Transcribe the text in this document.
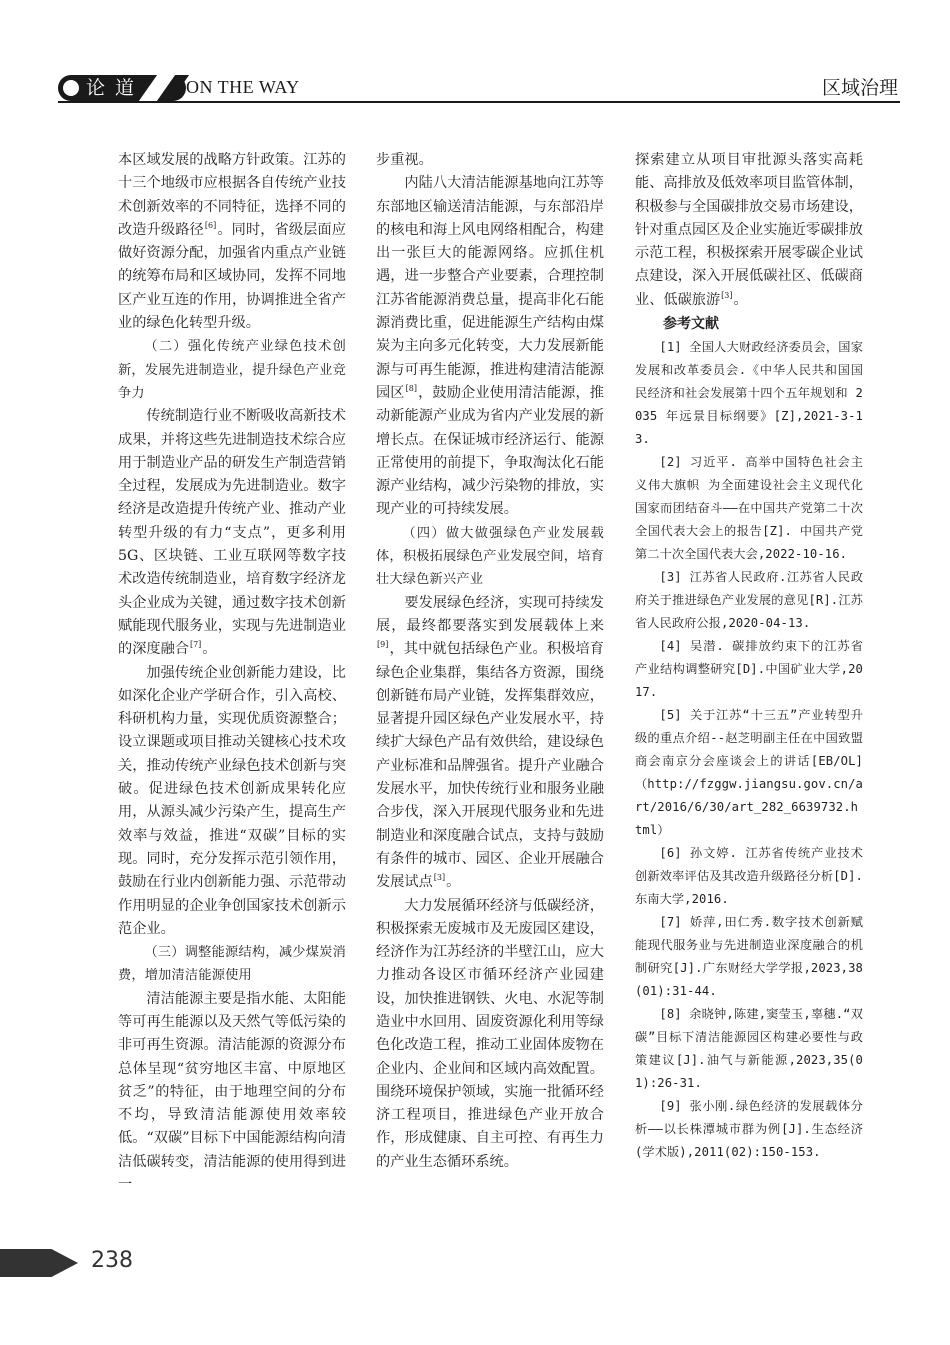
论 道	ON THE WAY	区域治理

本区域发展的战略方针政策。江苏的十三个地级市应根据各自传统产业技术创新效率的不同特征，选择不同的改造升级路径[6]。同时，省级层面应做好资源分配，加强省内重点产业链的统筹布局和区域协同，发挥不同地区产业互连的作用，协调推进全省产业的绿色化转型升级。

（二）强化传统产业绿色技术创新，发展先进制造业，提升绿色产业竞争力

传统制造行业不断吸收高新技术成果，并将这些先进制造技术综合应用于制造业产品的研发生产制造营销全过程，发展成为先进制造业。数字经济是改造提升传统产业、推动产业转型升级的有力“支点”，更多利用 5G、区块链、工业互联网等数字技术改造传统制造业，培育数字经济龙头企业成为关键，通过数字技术创新赋能现代服务业，实现与先进制造业的深度融合[7]。

加强传统企业创新能力建设，比如深化企业产学研合作，引入高校、科研机构力量，实现优质资源整合；设立课题或项目推动关键核心技术攻关，推动传统产业绿色技术创新与突破。促进绿色技术创新成果转化应用，从源头减少污染产生，提高生产效率与效益，推进“双碳”目标的实现。同时，充分发挥示范引领作用，鼓励在行业内创新能力强、示范带动作用明显的企业争创国家技术创新示范企业。

（三）调整能源结构，减少煤炭消费，增加清洁能源使用

清洁能源主要是指水能、太阳能等可再生能源以及天然气等低污染的非可再生资源。清洁能源的资源分布总体呈现“贫穷地区丰富、中原地区贫乏”的特征，由于地理空间的分布不均，导致清洁能源使用效率较低。“双碳”目标下中国能源结构向清洁低碳转变，清洁能源的使用得到进一

步重视。

内陆八大清洁能源基地向江苏等东部地区输送清洁能源，与东部沿岸的核电和海上风电网络相配合，构建出一张巨大的能源网络。应抓住机遇，进一步整合产业要素，合理控制江苏省能源消费总量，提高非化石能源消费比重，促进能源生产结构由煤炭为主向多元化转变，大力发展新能源与可再生能源，推进构建清洁能源园区[8]，鼓励企业使用清洁能源，推动新能源产业成为省内产业发展的新增长点。在保证城市经济运行、能源正常使用的前提下，争取淘汰化石能源产业结构，减少污染物的排放，实现产业的可持续发展。

（四）做大做强绿色产业发展载体，积极拓展绿色产业发展空间，培育壮大绿色新兴产业

要发展绿色经济，实现可持续发展，最终都要落实到发展载体上来[9]，其中就包括绿色产业。积极培育绿色企业集群，集结各方资源，围绕创新链布局产业链，发挥集群效应，显著提升园区绿色产业发展水平，持续扩大绿色产品有效供给，建设绿色产业标准和品牌强省。提升产业融合发展水平，加快传统行业和服务业融合步伐，深入开展现代服务业和先进制造业和深度融合试点，支持与鼓励有条件的城市、园区、企业开展融合发展试点[3]。

大力发展循环经济与低碳经济，积极探索无废城市及无废园区建设，经济作为江苏经济的半壁江山，应大力推动各设区市循环经济产业园建设，加快推进钢铁、火电、水泥等制造业中水回用、固废资源化利用等绿色化改造工程，推动工业固体废物在企业内、企业间和区域内高效配置。围绕环境保护领域，实施一批循环经济工程项目，推进绿色产业开放合作，形成健康、自主可控、有再生力的产业生态循环系统。

探索建立从项目审批源头落实高耗能、高排放及低效率项目监管体制，积极参与全国碳排放交易市场建设，针对重点园区及企业实施近零碳排放示范工程，积极探索开展零碳企业试点建设，深入开展低碳社区、低碳商业、低碳旅游[3]。

参考文献

[1] 全国人大财政经济委员会，国家发展和改革委员会.《中华人民共和国国民经济和社会发展第十四个五年规划和 2035 年远景目标纲要》[Z],2021-3-13.

[2] 习近平. 高举中国特色社会主义伟大旗帜 为全面建设社会主义现代化国家而团结奋斗——在中国共产党第二十次全国代表大会上的报告[Z]. 中国共产党第二十次全国代表大会,2022-10-16.

[3] 江苏省人民政府.江苏省人民政府关于推进绿色产业发展的意见[R].江苏省人民政府公报,2020-04-13.

[4] 吴潜. 碳排放约束下的江苏省产业结构调整研究[D].中国矿业大学,2017.

[5] 关于江苏“十三五”产业转型升级的重点介绍--赵芝明副主任在中国致盟商会南京分会座谈会上的讲话[EB/OL]（http://fzggw.jiangsu.gov.cn/art/2016/6/30/art_282_6639732.html）

[6] 孙文婷. 江苏省传统产业技术创新效率评估及其改造升级路径分析[D].东南大学,2016.

[7] 娇萍,田仁秀.数字技术创新赋能现代服务业与先进制造业深度融合的机制研究[J].广东财经大学学报,2023,38(01):31-44.

[8] 余晓钟,陈建,窦莹玉,辜穗.“双碳”目标下清洁能源园区构建必要性与政策建议[J].油气与新能源,2023,35(01):26-31.

[9] 张小刚.绿色经济的发展载体分析——以长株潭城市群为例[J].生态经济(学术版),2011(02):150-153.

238
